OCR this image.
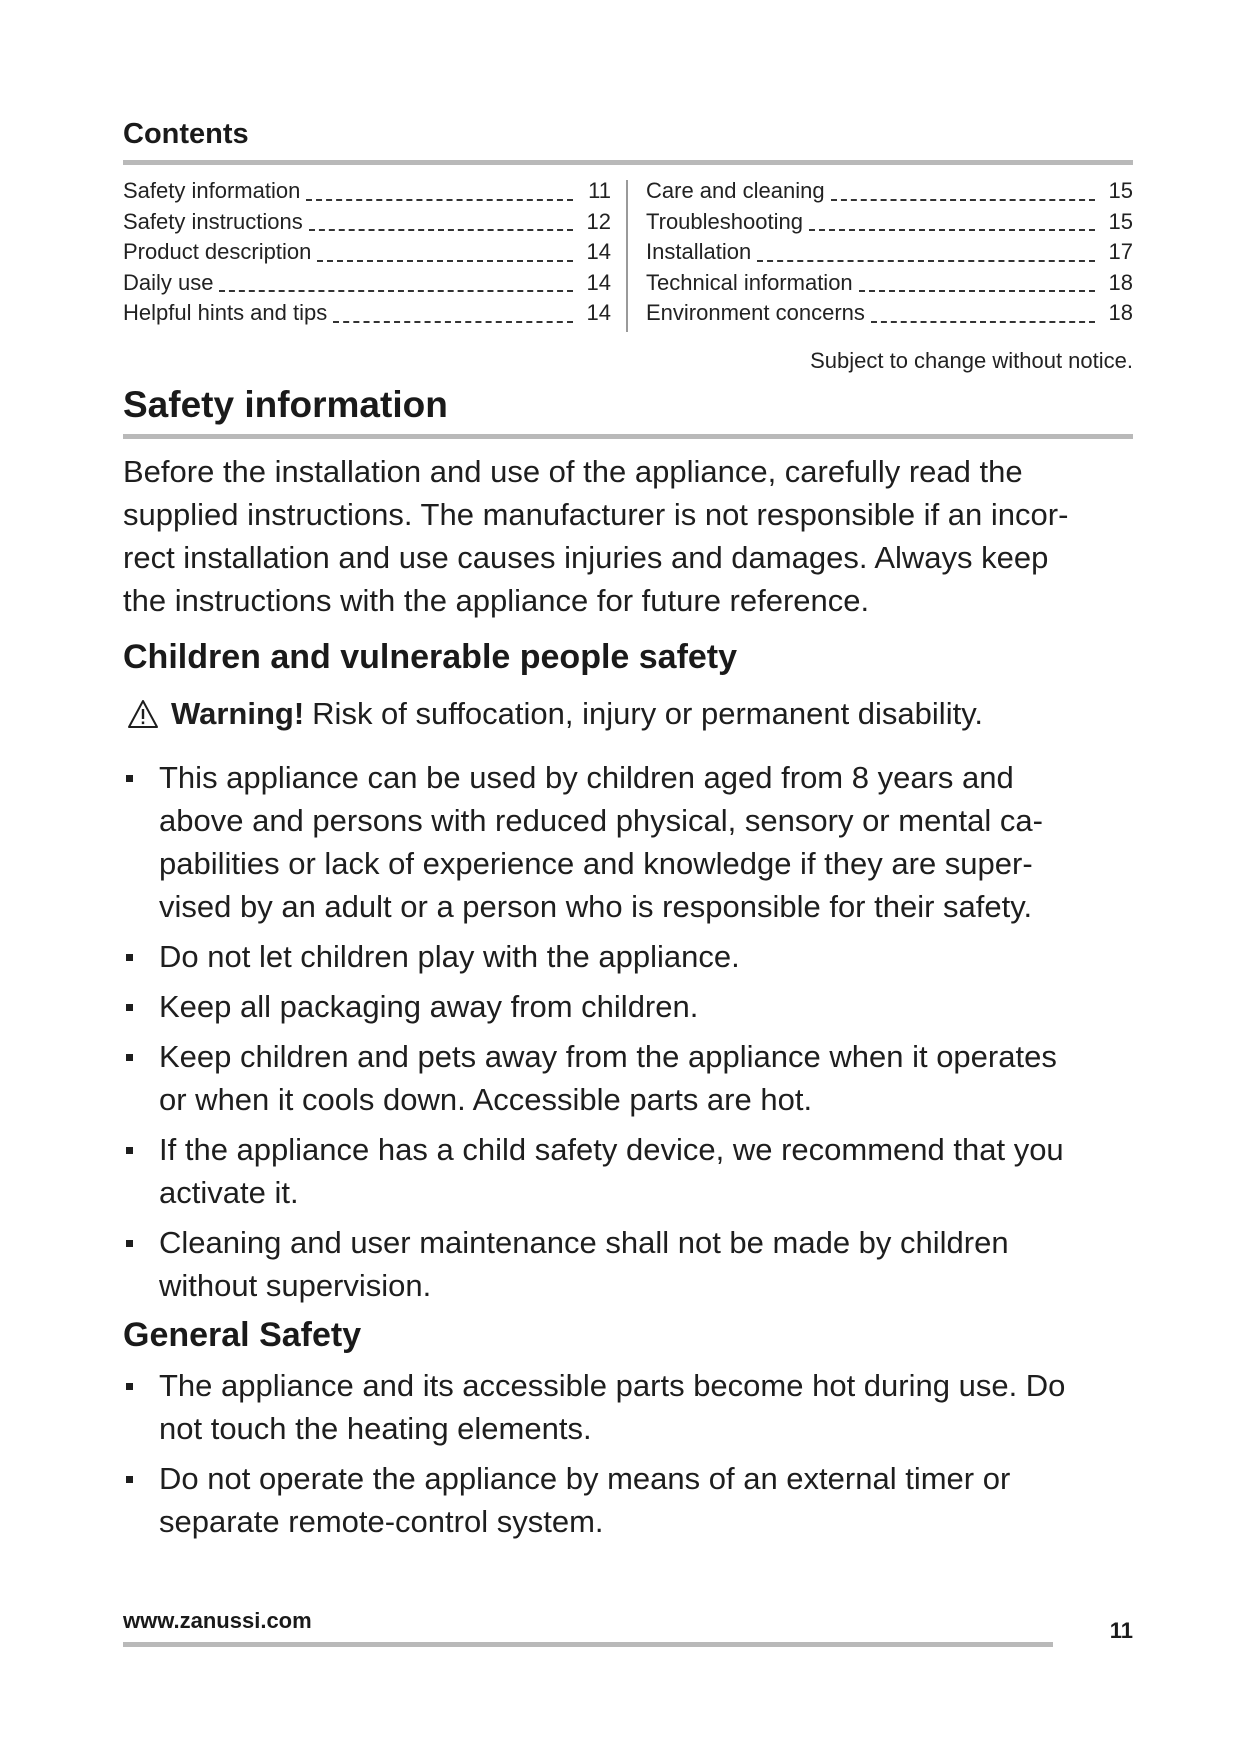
Contents
Safety information	11
Safety instructions	12
Product description	14
Daily use	14
Helpful hints and tips	14
Care and cleaning	15
Troubleshooting	15
Installation	17
Technical information	18
Environment concerns	18
Subject to change without notice.
Safety information
Before the installation and use of the appliance, carefully read the
supplied instructions. The manufacturer is not responsible if an incor-
rect installation and use causes injuries and damages. Always keep
the instructions with the appliance for future reference.
Children and vulnerable people safety
Warning! Risk of suffocation, injury or permanent disability.
This appliance can be used by children aged from 8 years and
above and persons with reduced physical, sensory or mental ca-
pabilities or lack of experience and knowledge if they are super-
vised by an adult or a person who is responsible for their safety.
Do not let children play with the appliance.
Keep all packaging away from children.
Keep children and pets away from the appliance when it operates
or when it cools down. Accessible parts are hot.
If the appliance has a child safety device, we recommend that you
activate it.
Cleaning and user maintenance shall not be made by children
without supervision.
General Safety
The appliance and its accessible parts become hot during use. Do
not touch the heating elements.
Do not operate the appliance by means of an external timer or
separate remote-control system.
www.zanussi.com	11
